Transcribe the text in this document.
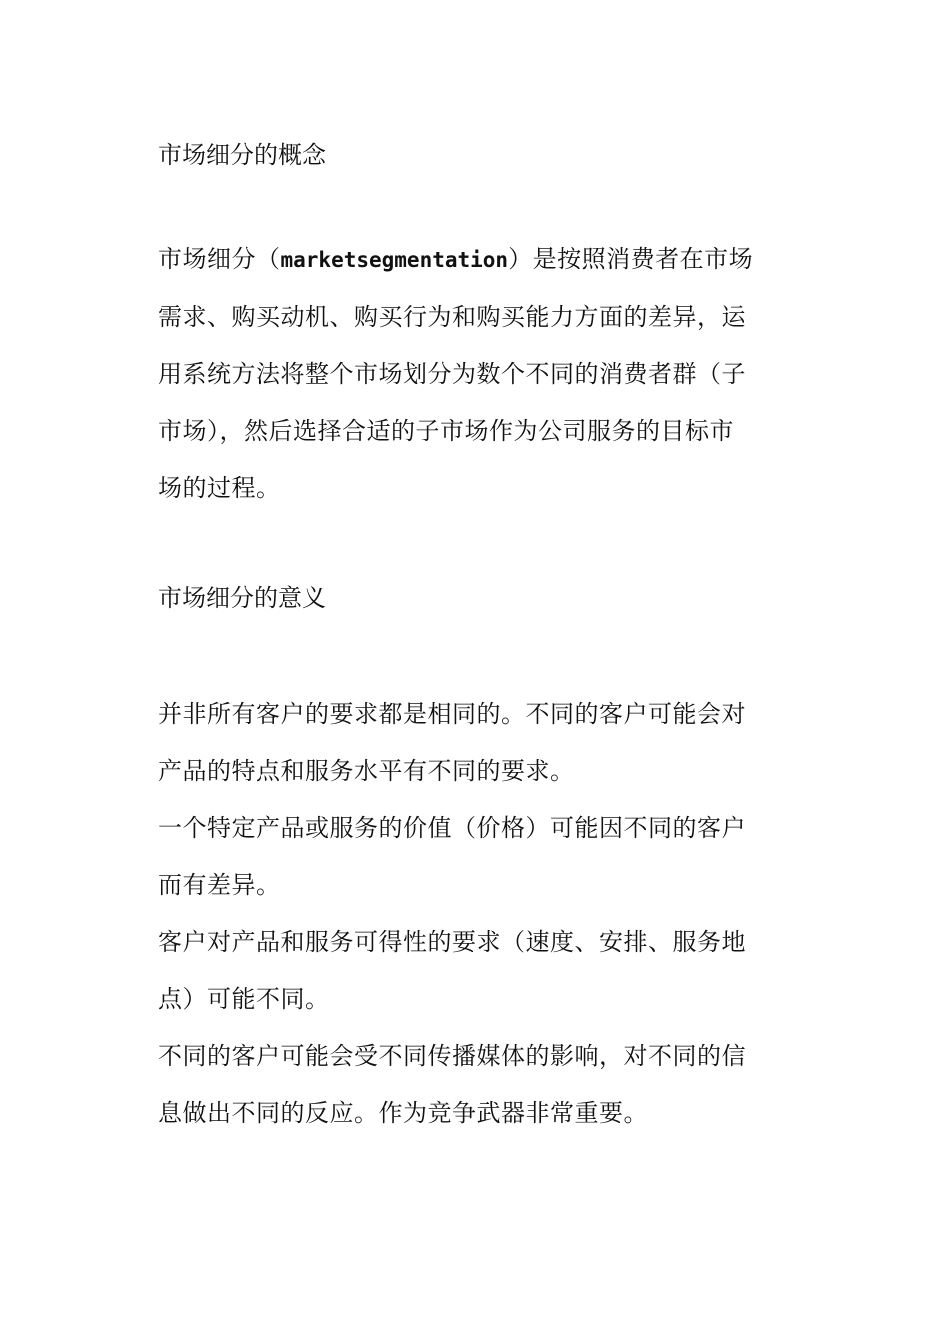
市场细分的概念
市场细分（marketsegmentation）是按照消费者在市场
需求、购买动机、购买行为和购买能力方面的差异，运
用系统方法将整个市场划分为数个不同的消费者群（子
市场），然后选择合适的子市场作为公司服务的目标市
场的过程。
市场细分的意义
并非所有客户的要求都是相同的。不同的客户可能会对
产品的特点和服务水平有不同的要求。
一个特定产品或服务的价值（价格）可能因不同的客户
而有差异。
客户对产品和服务可得性的要求（速度、安排、服务地
点）可能不同。
不同的客户可能会受不同传播媒体的影响，对不同的信
息做出不同的反应。作为竞争武器非常重要。
